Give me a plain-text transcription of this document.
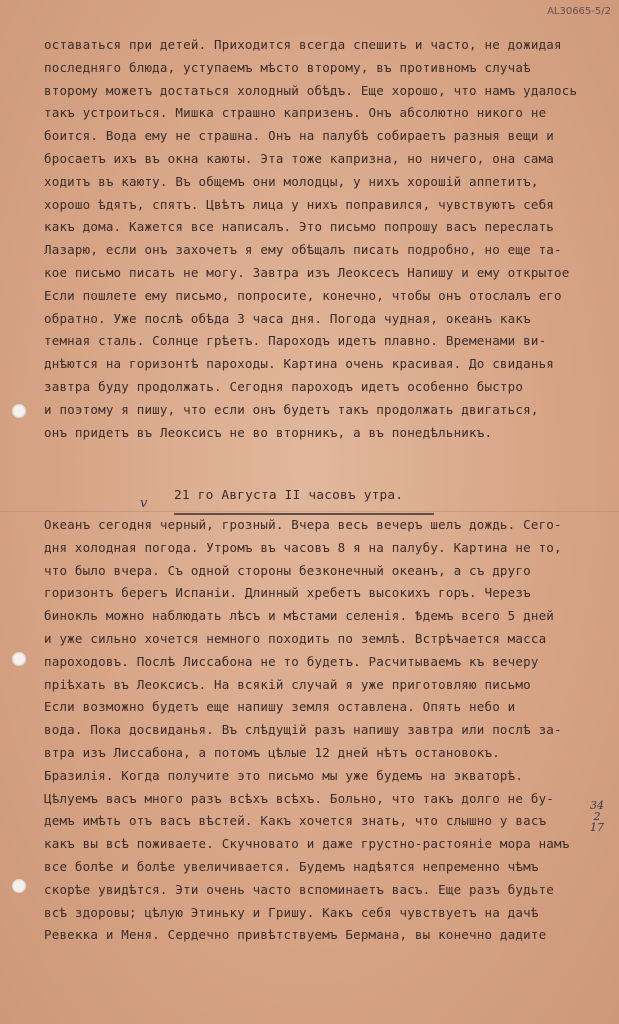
AL30665-5/2
оставаться при детей. Приходится всегда спешить и часто, не дожидая
последняго блюда, уступаемъ мѣсто второму, въ противномъ случаѣ
второму можетъ достаться холодный обѣдъ. Еще хорошо, что намъ удалось
такъ устроиться. Мишка страшно капризенъ. Онъ абсолютно никого не
боится. Вода ему не страшна. Онъ на палубѣ собираетъ разныя вещи и
бросаетъ ихъ въ окна каюты. Эта тоже капризна, но ничего, она сама
ходитъ въ каюту. Въ общемъ они молодцы, у нихъ хорошій аппетитъ,
хорошо ѣдятъ, спятъ. Цвѣтъ лица у нихъ поправился, чувствуютъ себя
какъ дома. Кажется все написалъ. Это письмо попрошу васъ переслать
Лазарю, если онъ захочетъ я ему обѣщалъ писать подробно, но еще та-
кое письмо писать не могу. Завтра изъ Леоксесъ Напишу и ему открытое
Если пошлете ему письмо, попросите, конечно, чтобы онъ отослалъ его
обратно. Уже послѣ обѣда 3 часа дня. Погода чудная, океанъ какъ
темная сталь. Солнце грѣетъ. Пароходъ идетъ плавно. Временами ви-
днѣются на горизонтѣ пароходы. Картина очень красивая. До свиданья
завтра буду продолжать. Сегодня пароходъ идетъ особенно быстро
и поэтому я пишу, что если онъ будетъ такъ продолжать двигаться,
онъ придетъ въ Леоксисъ не во вторникъ, а въ понедѣльникъ.
21 го Августа II часовъ утра.
v
Океанъ сегодня черный, грозный. Вчера весь вечеръ шелъ дождь. Сего-
дня холодная погода. Утромъ въ часовъ 8 я на палубу. Картина не то,
что было вчера. Съ одной стороны безконечный океанъ, а съ друго
горизонтъ берегъ Испаніи. Длинный хребетъ высокихъ горъ. Черезъ
бинокль можно наблюдать лѣсъ и мѣстами селенія. Ѣдемъ всего 5 дней
и уже сильно хочется немного походить по землѣ. Встрѣчается масса
пароходовъ. Послѣ Лиссабона не то будетъ. Расчитываемъ къ вечеру
пріѣхать въ Леоксисъ. На всякій случай я уже приготовляю письмо
Если возможно будетъ еще напишу земля оставлена. Опять небо и
вода. Пока досвиданья. Въ слѣдущій разъ напишу завтра или послѣ за-
втра изъ Лиссабона, а потомъ цѣлые 12 дней нѣтъ остановокъ.
Бразилія. Когда получите это письмо мы уже будемъ на экваторѣ.
Цѣлуемъ васъ много разъ всѣхъ всѣхъ. Больно, что такъ долго не бу-
демъ имѣть отъ васъ вѣстей. Какъ хочется знать, что слышно у васъ
какъ вы всѣ поживаете. Скучновато и даже грустно-растояніе мора намъ
все болѣе и болѣе увеличивается. Будемъ надѣятся непременно чѣмъ
скорѣе увидѣтся. Эти очень часто вспоминаетъ васъ. Еще разъ будьте
всѣ здоровы; цѣлую Этиньку и Гришу. Какъ себя чувствуетъ на дачѣ
Ревекка и Меня. Сердечно привѣтствуемъ Бермана, вы конечно дадите
34
2
17
